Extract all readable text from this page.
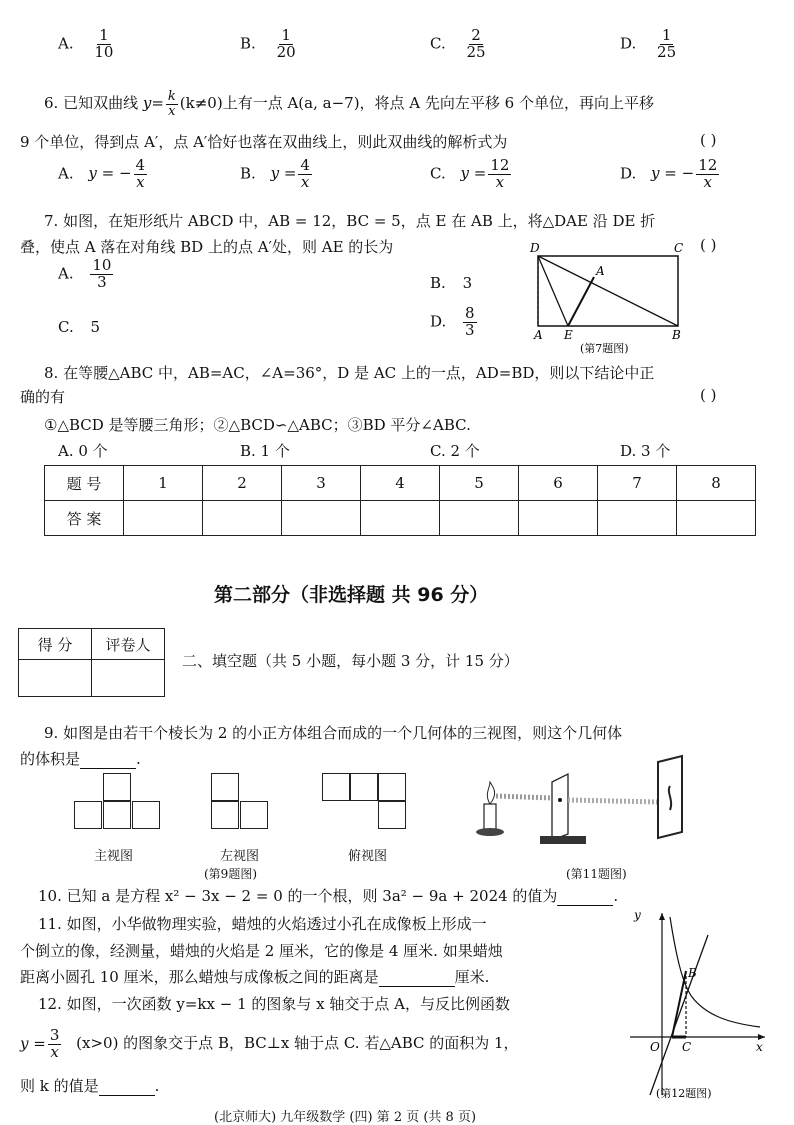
A. $\frac{1}{10}$	B. $\frac{1}{20}$	C. $\frac{2}{25}$	D. $\frac{1}{25}$
6. 已知双曲线 $y= \frac{k}{x} (k\ne 0)$上有一点 A(a, a−7)，将点 A 先向左平移 6 个单位，再向上平移
9 个单位，得到点 A′，点 A′恰好也落在双曲线上，则此双曲线的解析式为	( )
A. y = − $\frac{4}{x}$	B. $y = \frac{4}{x}$	C. $y = \frac{12}{x}$	D. y = − $\frac{12}{x}$
7. 如图，在矩形纸片 ABCD 中，AB = 12，BC = 5，点 E 在 AB 上，将△DAE 沿 DE 折
叠，使点 A 落在对角线 BD 上的点 A′处，则 AE 的长为	( )
A. $\frac{10}{3}$	B. 3
C. 5	D. $\frac{8}{3}$
D	C
A
A E	B
(第7题图)
8. 在等腰△ABC 中，AB=AC，∠A=36°，D 是 AC 上的一点，AD=BD，则以下结论中正
确的有	( )
①△BCD 是等腰三角形；②△BCD∽△ABC；③BD 平分∠ABC.
A. 0 个	B. 1 个	C. 2 个	D. 3 个
题 号	1	2	3	4	5	6	7	8
答 案								
第二部分（非选择题 共 96 分）
得 分	评卷人

二、填空题（共 5 小题，每小题 3 分，计 15 分）
9. 如图是由若干个棱长为 2 的小正方体组合而成的一个几何体的三视图，则这个几何体
的体积是	.
主视图	左视图	俯视图
(第9题图)	(第11题图)
10. 已知 a 是方程 x² − 3x − 2 = 0 的一个根，则 3a² − 9a + 2024 的值为	.
11. 如图，小华做物理实验，蜡烛的火焰透过小孔在成像板上形成一
个倒立的像，经测量，蜡烛的火焰是 2 厘米，它的像是 4 厘米. 如果蜡烛
距离小圆孔 10 厘米，那么蜡烛与成像板之间的距离是	厘米.
12. 如图，一次函数 y=kx − 1 的图象与 x 轴交于点 A，与反比例函数
$y = \frac{3}{x} (x>0)$ 的图象交于点 B，BC⊥x 轴于点 C. 若△ABC 的面积为 1，
则 k 的值是	.
y
x
O
B
C
(第12题图)
(北京师大) 九年级数学 (四) 第 2 页 (共 8 页)
